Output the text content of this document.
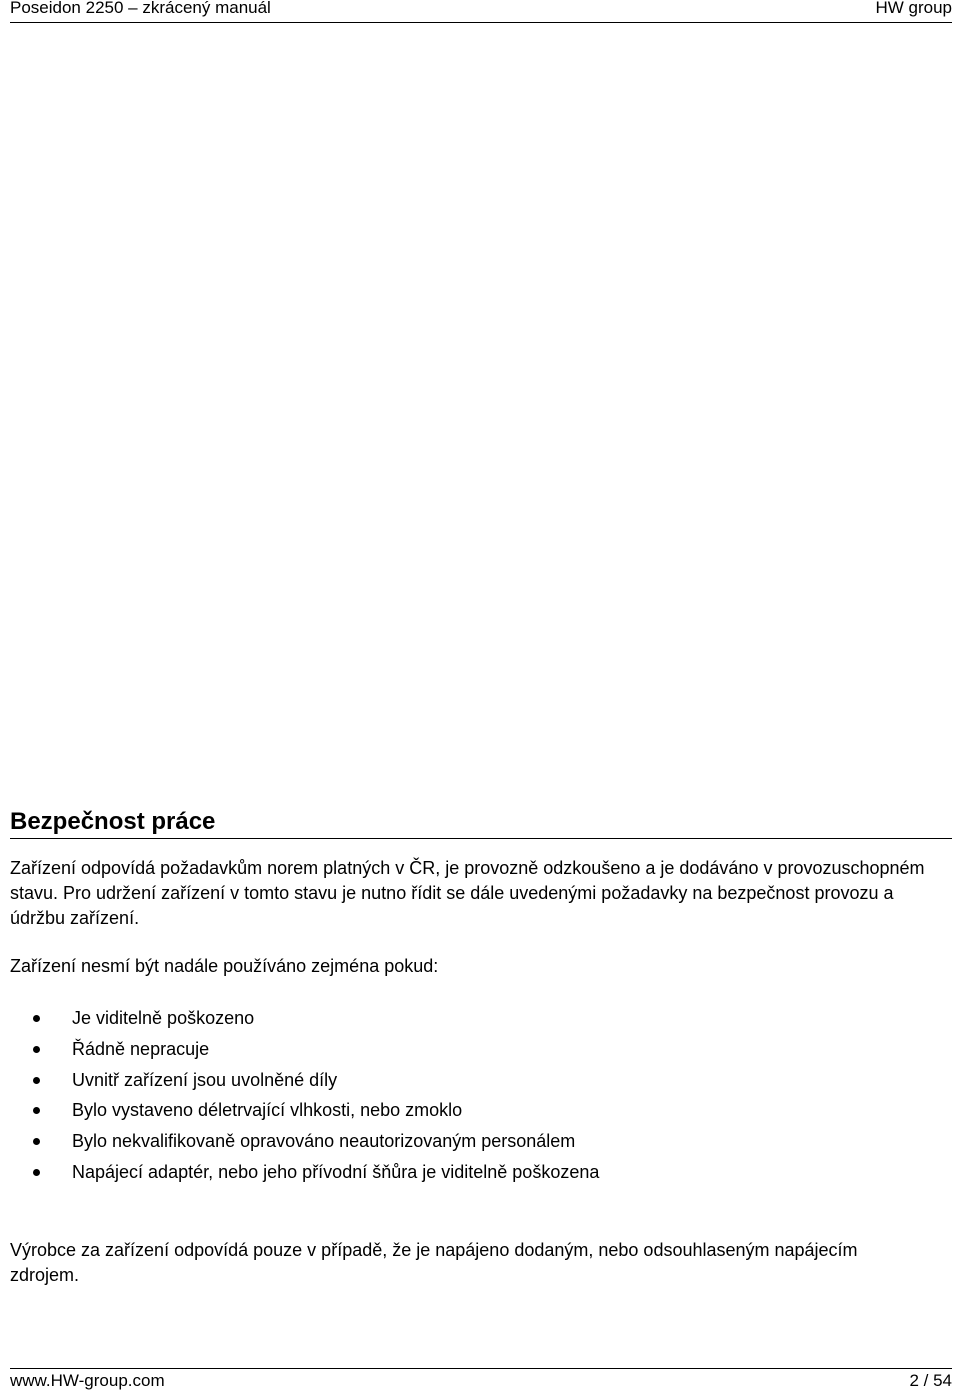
Poseidon 2250 – zkrácený manuál	HW group
Bezpečnost práce

Zařízení odpovídá požadavkům norem platných v ČR, je provozně odzkoušeno a je dodáváno v provozuschopném stavu. Pro udržení zařízení v tomto stavu je nutno řídit se dále uvedenými požadavky na bezpečnost provozu a údržbu zařízení.

Zařízení nesmí být nadále používáno zejména pokud:

Je viditelně poškozeno
Řádně nepracuje
Uvnitř zařízení jsou uvolněné díly
Bylo vystaveno déletrvající vlhkosti, nebo zmoklo
Bylo nekvalifikovaně opravováno neautorizovaným personálem
Napájecí adaptér, nebo jeho přívodní šňůra je viditelně poškozena

Výrobce za zařízení odpovídá pouze v případě, že je napájeno dodaným, nebo odsouhlaseným napájecím zdrojem.

www.HW-group.com	2 / 54
